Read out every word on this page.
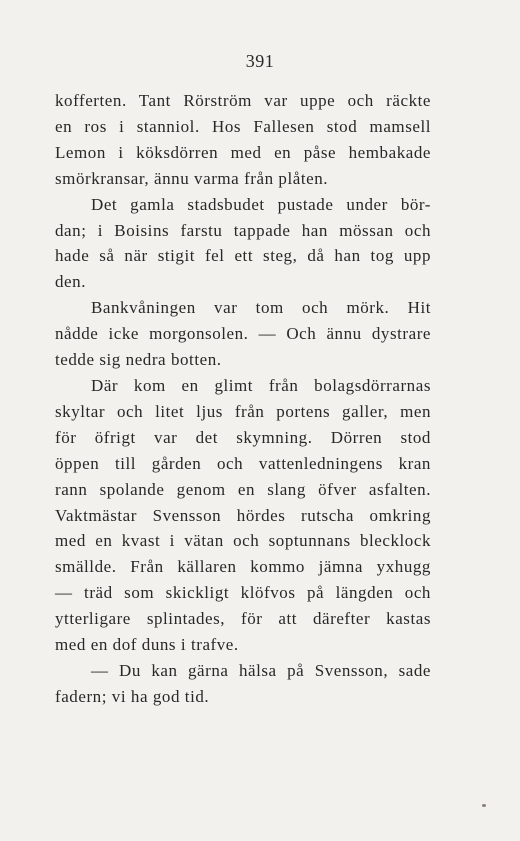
391

kofferten. Tant Rörström var uppe och räckte
en ros i stanniol. Hos Fallesen stod mamsell
Lemon i köksdörren med en påse hembakade
smörkransar, ännu varma från plåten.

Det gamla stadsbudet pustade under bör-
dan; i Boisins farstu tappade han mössan och
hade så när stigit fel ett steg, då han tog upp
den.

Bankvåningen var tom och mörk. Hit
nådde icke morgonsolen. — Och ännu dystrare
tedde sig nedra botten.

Där kom en glimt från bolagsdörrarnas
skyltar och litet ljus från portens galler, men
för öfrigt var det skymning. Dörren stod
öppen till gården och vattenledningens kran
rann spolande genom en slang öfver asfalten.
Vaktmästar Svensson hördes rutscha omkring
med en kvast i vätan och soptunnans blecklock
smällde. Från källaren kommo jämna yxhugg
— träd som skickligt klöfvos på längden och
ytterligare splintades, för att därefter kastas
med en dof duns i trafve.

— Du kan gärna hälsa på Svensson, sade
fadern; vi ha god tid.
